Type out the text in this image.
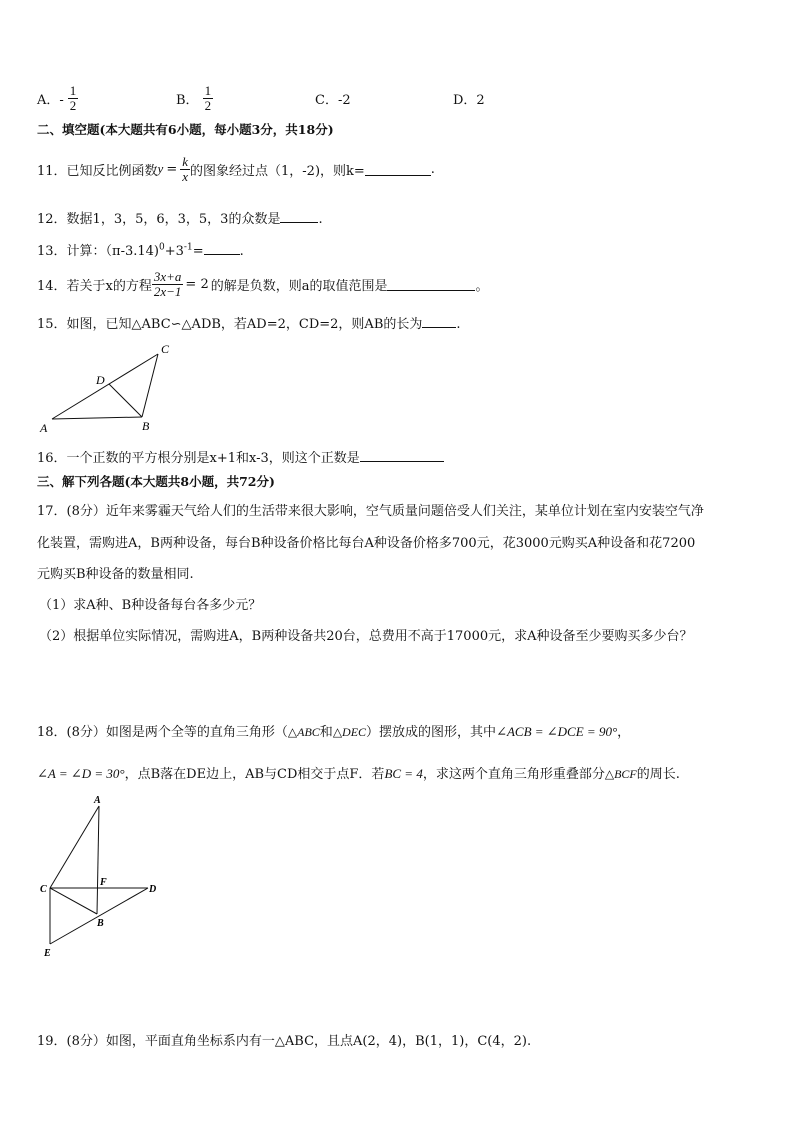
A．- $\frac{1}{2}$	B． $\frac{1}{2}$	C．-2	D．2
二、填空题(本大题共有6小题，每小题3分，共18分)
11．已知反比例函数 $y = \frac{k}{x}$ 的图象经过点（1，-2)，则k=	.
12．数据1，3，5，6，3，5，3的众数是	.
13．计算：$(\pi-3.14)^0+3^{-1}=$	.
14．若关于x的方程 $\frac{3x+a}{2x-1} = 2$ 的解是负数，则a的取值范围是	。
15．如图，已知△ABC∽△ADB，若AD=2，CD=2，则AB的长为	.
A	B
C
D
16．一个正数的平方根分别是x+1和x-3，则这个正数是
三、解下列各题(本大题共8小题，共72分)
17．(8分）近年来雾霾天气给人们的生活带来很大影响，空气质量问题倍受人们关注，某单位计划在室内安装空气净
化装置，需购进A，B两种设备，每台B种设备价格比每台A种设备价格多700元，花3000元购买A种设备和花7200
元购买B种设备的数量相同.
（1）求A种、B种设备每台各多少元？
（2）根据单位实际情况，需购进A，B两种设备共20台，总费用不高于17000元，求A种设备至少要购买多少台？
18．(8分）如图是两个全等的直角三角形（△ABC和△DEC）摆放成的图形，其中∠ACB = ∠DCE = 90°，
∠A = ∠D = 30°，点B落在DE边上，AB与CD相交于点F．若BC = 4，求这两个直角三角形重叠部分△BCF的周长.
A
C
F
D
B
E
19．(8分）如图，平面直角坐标系内有一△ABC，且点A(2，4)，B(1，1)，C(4，2).
